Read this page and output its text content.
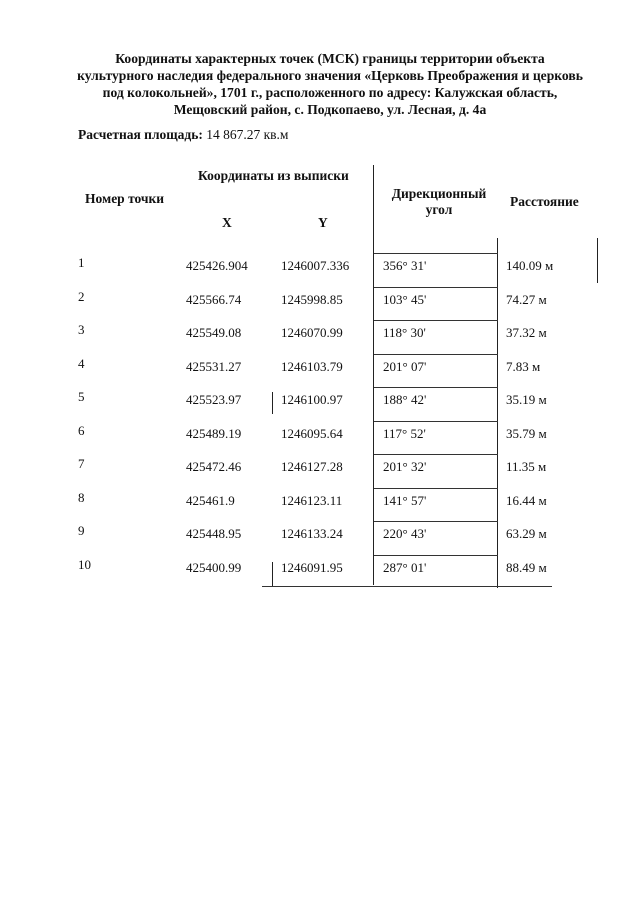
Координаты характерных точек (МСК) границы территории объекта
культурного наследия федерального значения «Церковь Преображения и церковь
под колокольней», 1701 г., расположенного по адресу: Калужская область,
Мещовский район, с. Подкопаево, ул. Лесная, д. 4а
Расчетная площадь: 14 867.27 кв.м
Номер точки
Координаты из выписки
X	Y
Дирекционный угол
Расстояние
1	425426.904	1246007.336	356° 31'	140.09 м
2	425566.74	1245998.85	103° 45'	74.27 м
3	425549.08	1246070.99	118° 30'	37.32 м
4	425531.27	1246103.79	201° 07'	7.83 м
5	425523.97	1246100.97	188° 42'	35.19 м
6	425489.19	1246095.64	117° 52'	35.79 м
7	425472.46	1246127.28	201° 32'	11.35 м
8	425461.9	1246123.11	141° 57'	16.44 м
9	425448.95	1246133.24	220° 43'	63.29 м
10	425400.99	1246091.95	287° 01'	88.49 м
